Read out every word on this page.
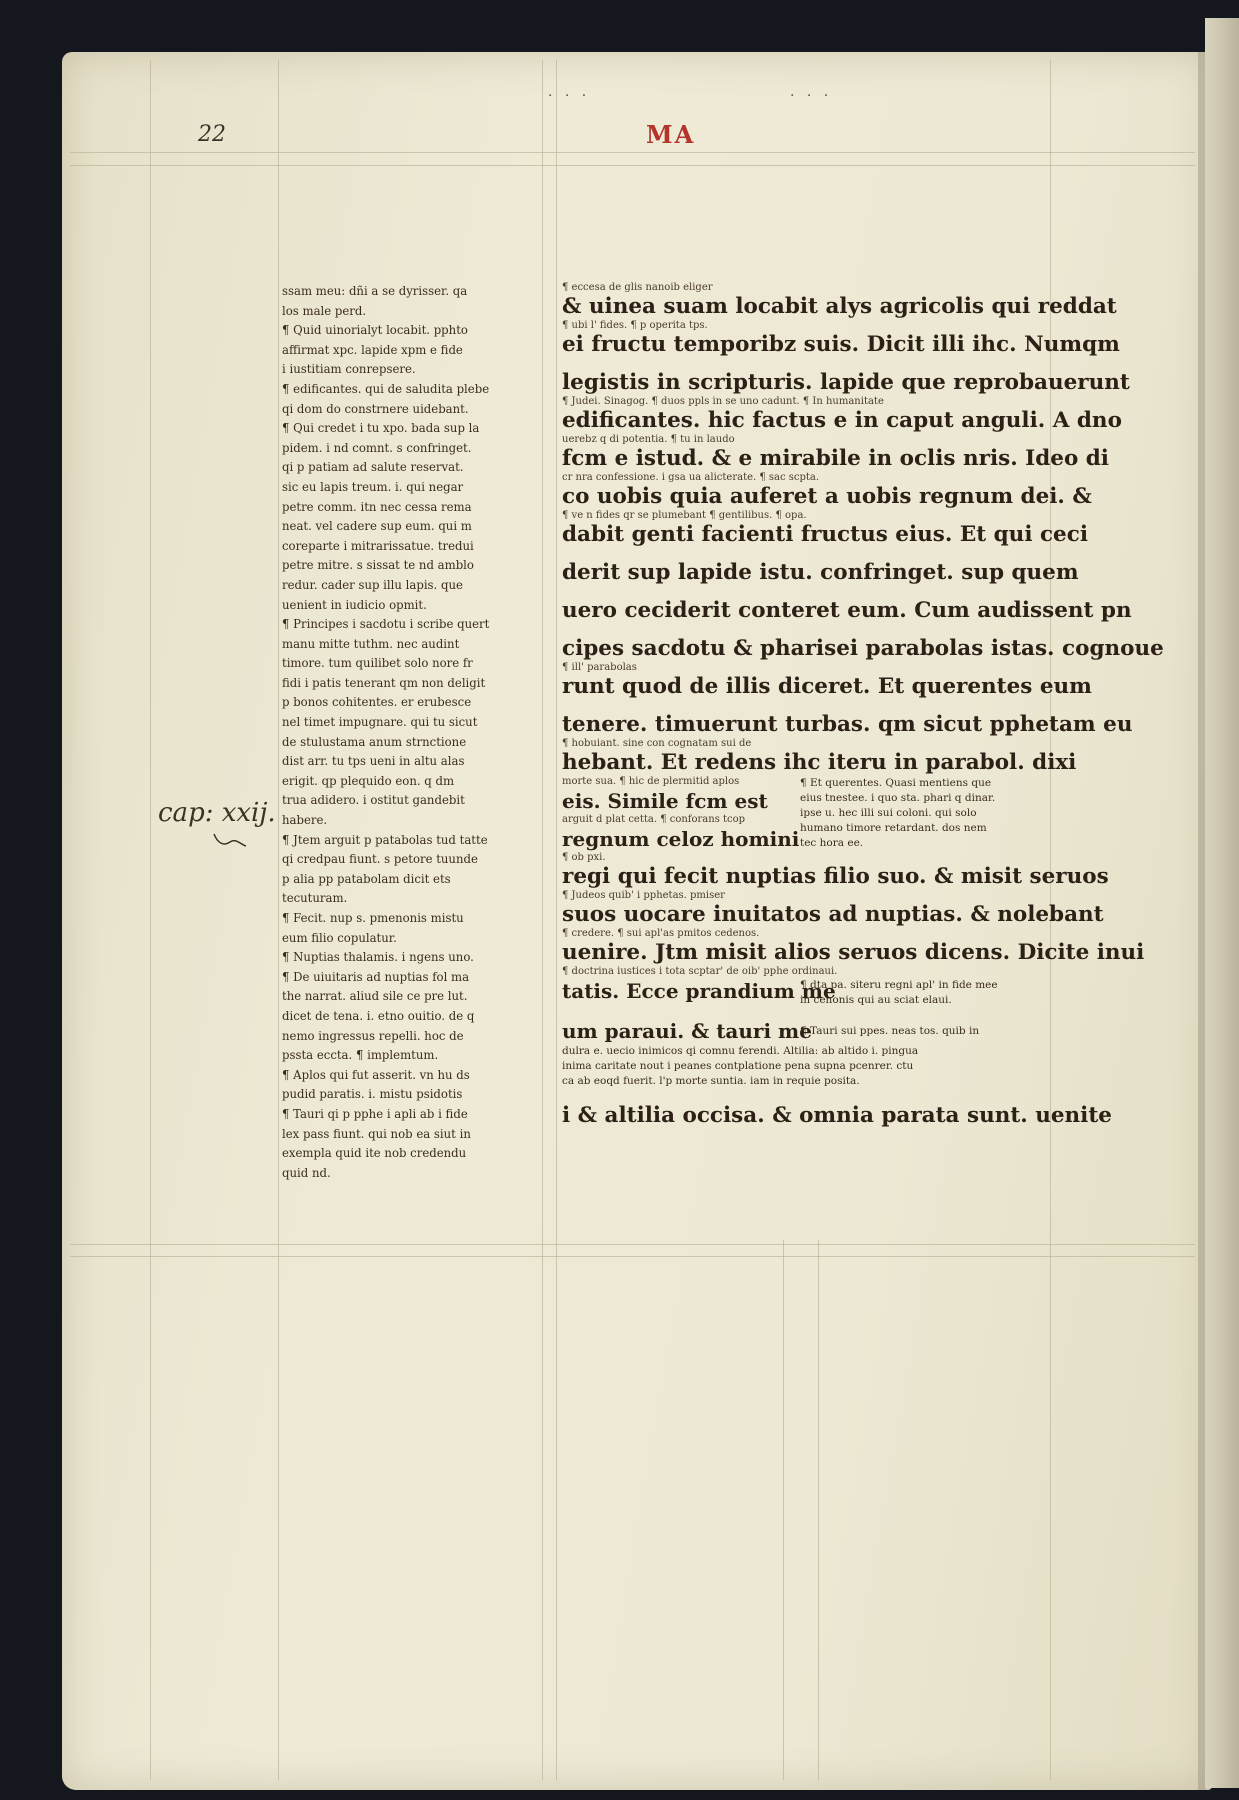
. . .	. . .
22	MA
cap: xxij.
ssam meu: dñi a se dyrisser. qa
los male perd.
¶ Quid uinorialyt locabit. pphto
affirmat xpc. lapide xpm e fide
i iustitiam conrepsere.
¶ edificantes. qui de saludita plebe
qi dom do constrnere uidebant.
¶ Qui credet i tu xpo. bada sup la
pidem. i nd comnt. s confringet.
qi p patiam ad salute reservat.
sic eu lapis treum. i. qui negar
petre comm. itn nec cessa rema
neat. vel cadere sup eum. qui m
coreparte i mitrarissatue. tredui
petre mitre. s sissat te nd amblo
redur. cader sup illu lapis. que
uenient in iudicio opmit.
¶ Principes i sacdotu i scribe quert
manu mitte tuthm. nec audint
timore. tum quilibet solo nore fr
fidi i patis tenerant qm non deligit
p bonos cohitentes. er erubesce
nel timet impugnare. qui tu sicut
de stulustama anum strnctione
dist arr. tu tps ueni in altu alas
erigit. qp plequido eon. q dm
trua adidero. i ostitut gandebit
habere.
¶ Jtem arguit p patabolas tud tatte
qi credpau fiunt. s petore tuunde
p alia pp patabolam dicit ets
tecuturam.
¶ Fecit. nup s. pmenonis mistu
eum filio copulatur.
¶ Nuptias thalamis. i ngens uno.
¶ De uiuitaris ad nuptias fol ma
the narrat. aliud sile ce pre lut.
dicet de tena. i. etno ouitio. de q
nemo ingressus repelli. hoc de
pssta eccta. ¶ implemtum.
¶ Aplos qui fut asserit. vn hu ds
pudid paratis. i. mistu psidotis
¶ Tauri qi p pphe i apli ab i fide
lex pass fiunt. qui nob ea siut in
exempla quid ite nob credendu
quid nd.
¶ eccesa de glis nanoib eliger
& uinea suam locabit alys agricolis qui reddat
¶ ubi l' fides. ¶ p operita tps.
ei fructu temporibz suis. Dicit illi ihc. Numqm
legistis in scripturis. lapide que reprobauerunt
¶ Judei. Sinagog. ¶ duos ppls in se uno cadunt. ¶ In humanitate
edificantes. hic factus e in caput anguli. A dno
uerebz q di potentia. ¶ tu in laudo
fcm e istud. & e mirabile in oclis nris. Ideo di
cr nra confessione. i gsa ua alicterate. ¶ sac scpta.
co uobis quia auferet a uobis regnum dei. &
¶ ve n fides qr se plumebant ¶ gentilibus. ¶ opa.
dabit genti facienti fructus eius. Et qui ceci
derit sup lapide istu. confringet. sup quem
uero ceciderit conteret eum. Cum audissent pn
cipes sacdotu & pharisei parabolas istas. cognoue
¶ ill' parabolas
runt quod de illis diceret. Et querentes eum
tenere. timuerunt turbas. qm sicut pphetam eu
¶ hobuiant. sine con cognatam sui de
hebant. Et redens ihc iteru in parabol. dixi
morte sua. ¶ hic de plermitid aplos
eis. Simile fcm est
arguit d plat cetta. ¶ conforans tcop
regnum celoz homini
¶ Et querentes. Quasi mentiens que
eius tnestee. i quo sta. phari q dinar.
ipse u. hec illi sui coloni. qui solo
humano timore retardant. dos nem
tec hora ee.
¶ ob pxi.
regi qui fecit nuptias filio suo. & misit seruos
¶ Judeos quib' i pphetas. pmiser
suos uocare inuitatos ad nuptias. & nolebant
¶ credere. ¶ sui apl'as pmitos cedenos.
uenire. Jtm misit alios seruos dicens. Dicite inui
¶ doctrina iustices i tota scptar' de oib' pphe ordinaui.
tatis. Ecce prandium me
¶ dta pa. siteru regni apl' in fide mee
in cenonis qui au sciat elaui.
um paraui. & tauri me
¶ Tauri sui ppes. neas tos. quib in
dulra e. uecio inimicos qi comnu ferendi. Altilia: ab altido i. pingua
inima caritate nout i peanes contplatione pena supna pcenrer. ctu
ca ab eoqd fuerit. l'p morte suntia. iam in requie posita.
i & altilia occisa. & omnia parata sunt. uenite
